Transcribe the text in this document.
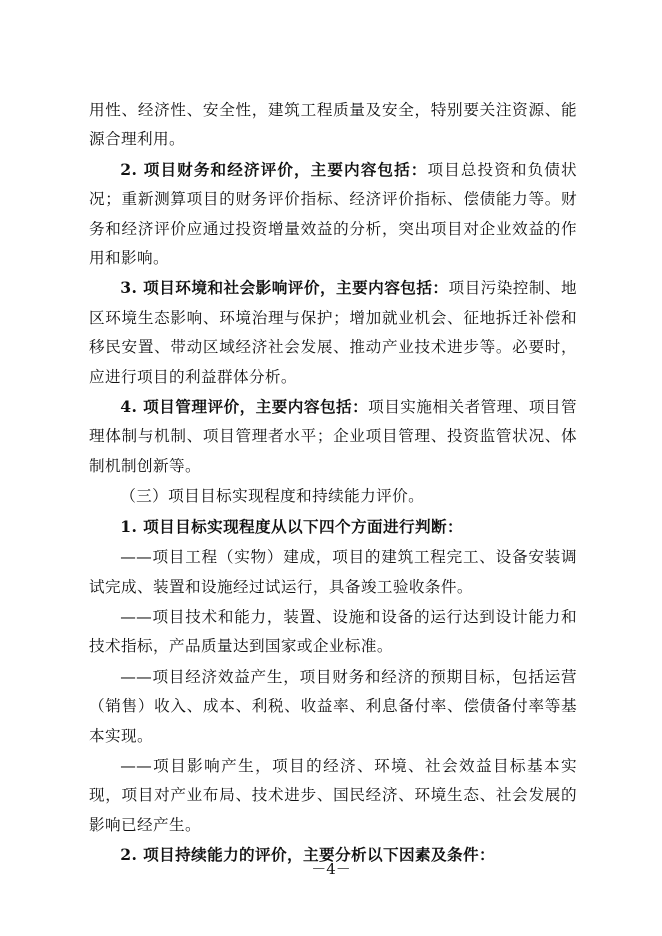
用性、经济性、安全性，建筑工程质量及安全，特别要关注资源、能源合理利用。

2. 项目财务和经济评价，主要内容包括：项目总投资和负债状况；重新测算项目的财务评价指标、经济评价指标、偿债能力等。财务和经济评价应通过投资增量效益的分析，突出项目对企业效益的作用和影响。

3. 项目环境和社会影响评价，主要内容包括：项目污染控制、地区环境生态影响、环境治理与保护；增加就业机会、征地拆迁补偿和移民安置、带动区域经济社会发展、推动产业技术进步等。必要时，应进行项目的利益群体分析。

4. 项目管理评价，主要内容包括：项目实施相关者管理、项目管理体制与机制、项目管理者水平；企业项目管理、投资监管状况、体制机制创新等。

（三）项目目标实现程度和持续能力评价。

1. 项目目标实现程度从以下四个方面进行判断：

——项目工程（实物）建成，项目的建筑工程完工、设备安装调试完成、装置和设施经过试运行，具备竣工验收条件。

——项目技术和能力，装置、设施和设备的运行达到设计能力和技术指标，产品质量达到国家或企业标准。

——项目经济效益产生，项目财务和经济的预期目标，包括运营（销售）收入、成本、利税、收益率、利息备付率、偿债备付率等基本实现。

——项目影响产生，项目的经济、环境、社会效益目标基本实现，项目对产业布局、技术进步、国民经济、环境生态、社会发展的影响已经产生。

2. 项目持续能力的评价，主要分析以下因素及条件：

－4－
